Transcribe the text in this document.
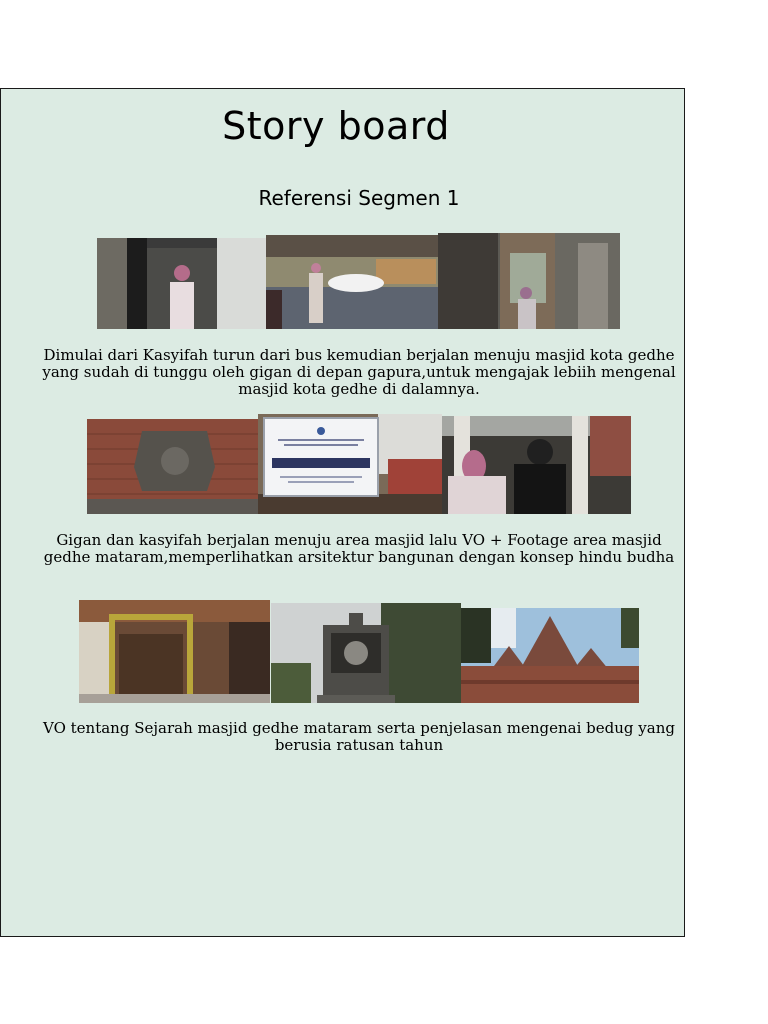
Story board
Referensi Segmen 1
Dimulai dari Kasyifah turun dari bus kemudian berjalan menuju masjid kota gedhe yang sudah di tunggu oleh gigan di depan gapura,untuk mengajak lebiih mengenal masjid kota gedhe di dalamnya.
Gigan dan kasyifah berjalan menuju area masjid lalu VO + Footage area masjid gedhe mataram,memperlihatkan arsitektur bangunan dengan konsep hindu budha
VO tentang Sejarah masjid gedhe mataram serta penjelasan mengenai bedug yang berusia ratusan tahun
